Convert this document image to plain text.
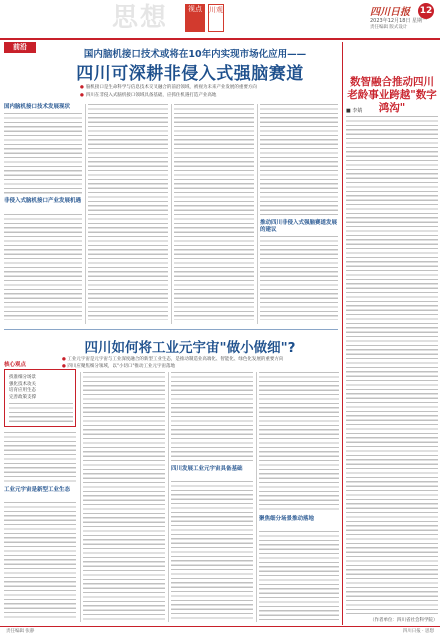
思想	视点	川观	四川日报 12
2023年12月18日 星期一
责任编辑 版式设计
前沿
国内脑机接口技术或将在10年内实现市场化应用——
四川可深耕非侵入式强脑赛道
● 脑机接口是生命科学与信息技术交叉融合的前沿领域，被视为未来产业发展的重要方向
● 四川在非侵入式脑机接口领域具备基础，应抓住机遇打造产业高地
国内脑机接口技术发展现状
非侵入式脑机接口产业发展机遇
推动四川非侵入式强脑赛道发展的建议
数智融合推动四川老龄事业跨越"数字鸿沟"
■ 李婧
（作者单位：四川省社会科学院）
四川如何将工业元宇宙"做小做细"?
● 工业元宇宙是元宇宙与工业深度融合的新型工业生态，是推动制造业高端化、智能化、绿色化发展的重要方向
● 四川应聚焦细分领域，以"小切口"推动工业元宇宙落地
核心观点
找准细分场景
强化技术攻关
培育应用生态
完善政策支撑
工业元宇宙是新型工业生态
四川发展工业元宇宙具备基础
聚焦细分场景推动落地
责任编辑 张静	四川日报 · 思想
